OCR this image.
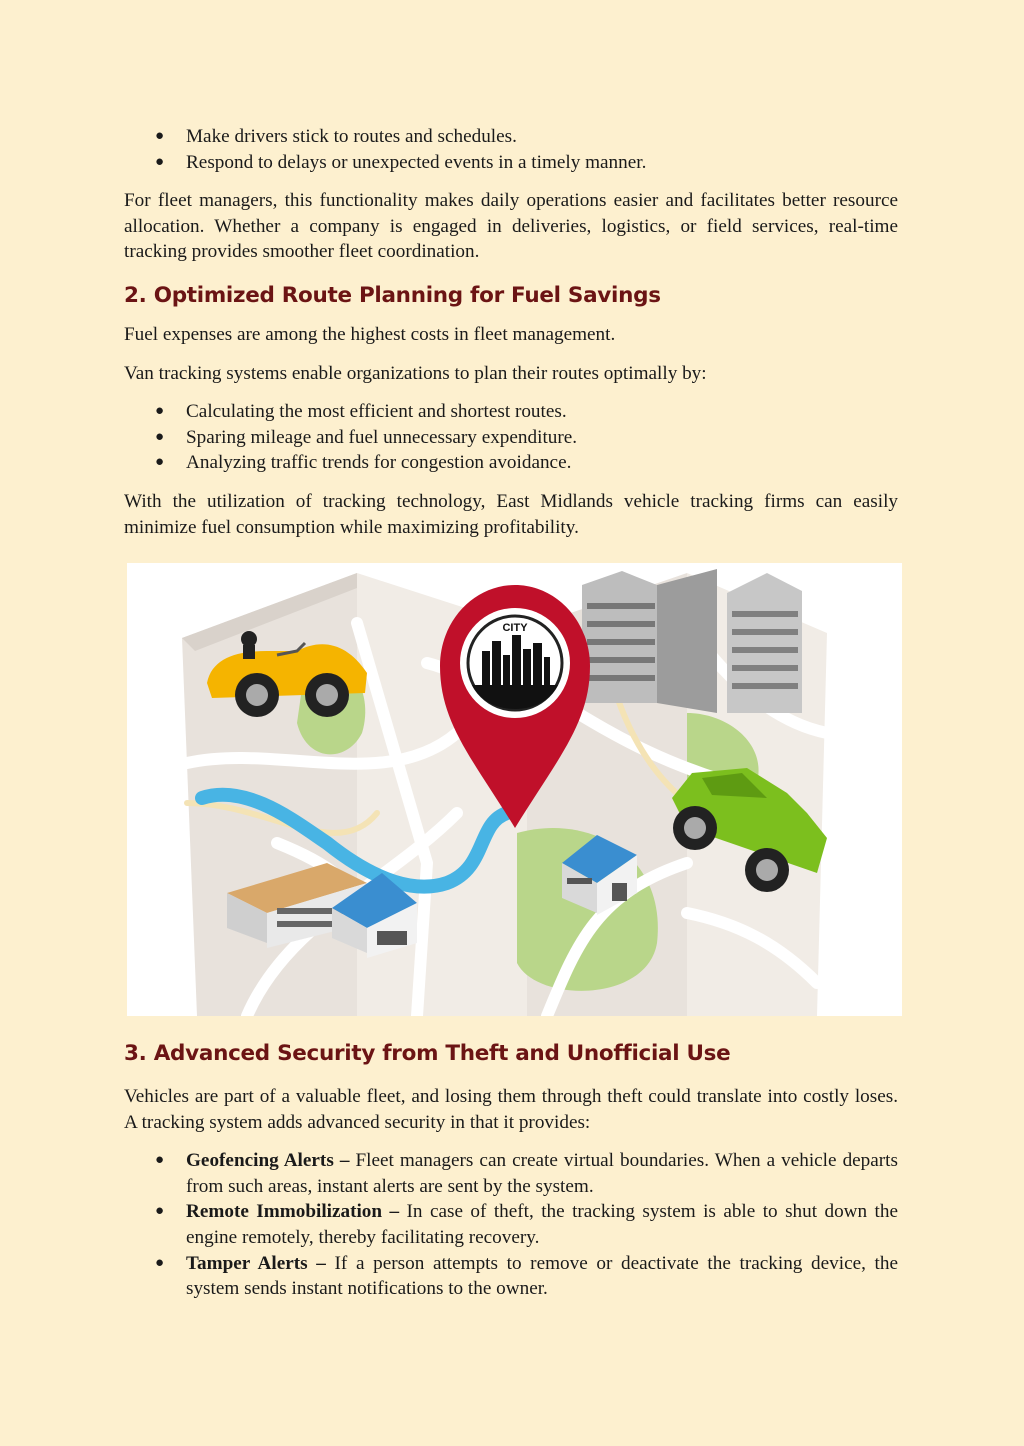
● Make drivers stick to routes and schedules.
● Respond to delays or unexpected events in a timely manner.

For fleet managers, this functionality makes daily operations easier and facilitates better resource allocation. Whether a company is engaged in deliveries, logistics, or field services, real-time tracking provides smoother fleet coordination.

2. Optimized Route Planning for Fuel Savings

Fuel expenses are among the highest costs in fleet management.

Van tracking systems enable organizations to plan their routes optimally by:

● Calculating the most efficient and shortest routes.
● Sparing mileage and fuel unnecessary expenditure.
● Analyzing traffic trends for congestion avoidance.

With the utilization of tracking technology, East Midlands vehicle tracking firms can easily minimize fuel consumption while maximizing profitability.

CITY
3. Advanced Security from Theft and Unofficial Use

Vehicles are part of a valuable fleet, and losing them through theft could translate into costly loses. A tracking system adds advanced security in that it provides:

● Geofencing Alerts – Fleet managers can create virtual boundaries. When a vehicle departs from such areas, instant alerts are sent by the system.
● Remote Immobilization – In case of theft, the tracking system is able to shut down the engine remotely, thereby facilitating recovery.
● Tamper Alerts – If a person attempts to remove or deactivate the tracking device, the system sends instant notifications to the owner.
